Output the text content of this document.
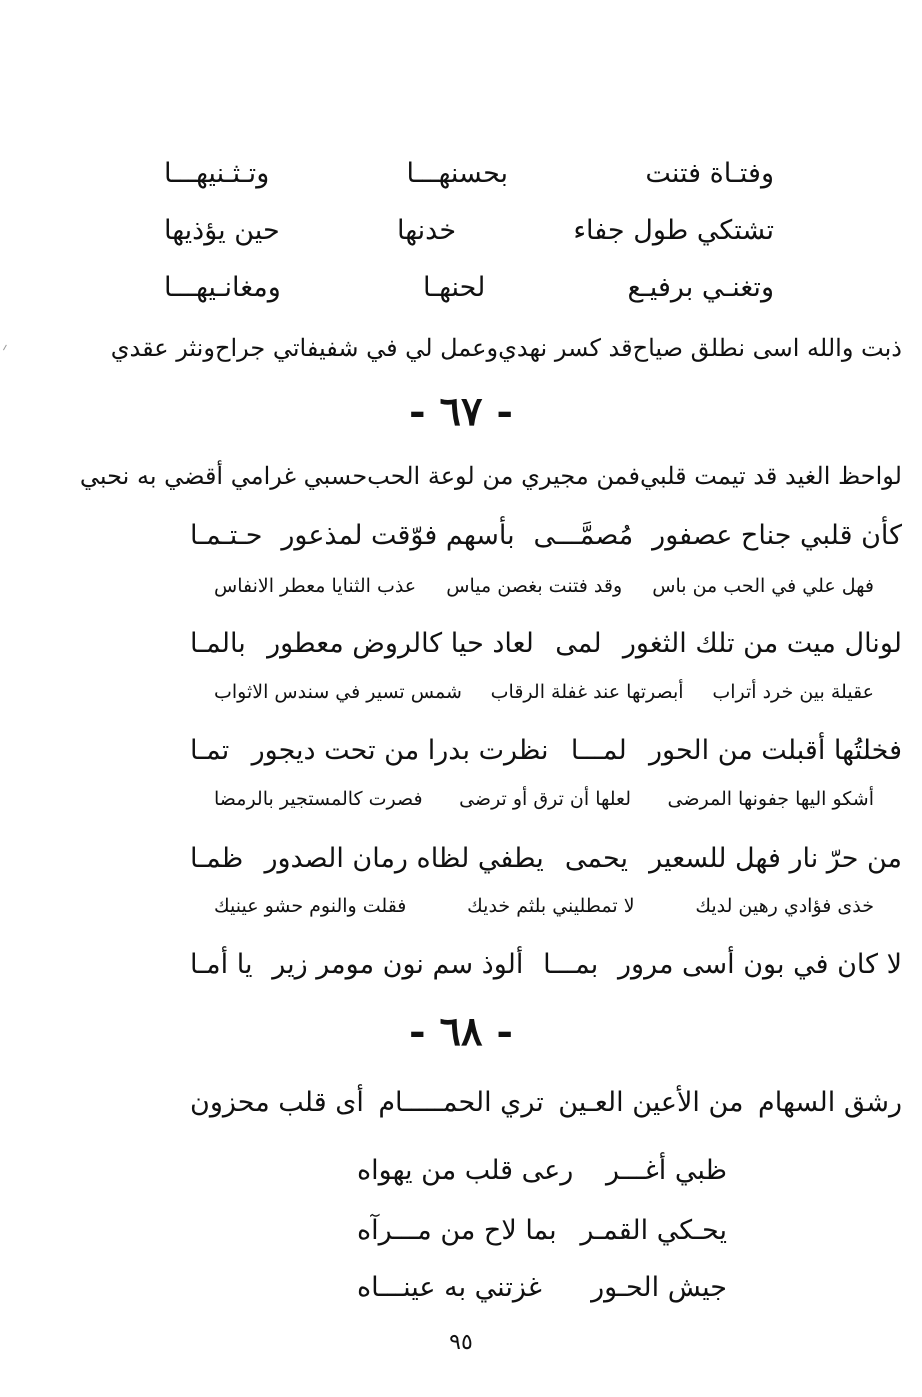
وفتـاة فتنت
بحسنهـــا
وتـثـنيهـــا
تشتكي طول جفاء
خدنها
حين يؤذيها
وتغنـي برفيـع
لحنهـا
ومغانـيهـــا
ذبت والله اسى نطلق صياح
قد كسر نهدي
وعمل لي في شفيفاتي جراح
ونثر عقدي
- ٦٧ -
لواحظ الغيد قد تيمت قلبي
فمن مجيري من لوعة الحب
حسبي غرامي أقضي به نحبي
كأن قلبي جناح عصفور
مُصمَّـــى
بأسهم فوّقت لمذعور
حـتـمـا
فهل علي في الحب من باس
وقد فتنت بغصن مياس
عذب الثنايا معطر الانفاس
لونال ميت من تلك الثغور
لمى
لعاد حيا كالروض معطور
بالمـا
عقيلة بين خرد أتراب
أبصرتها عند غفلة الرقاب
شمس تسير في سندس الاثواب
فخلتُها أقبلت من الحور
لمـــا
نظرت بدرا من تحت ديجور
تمـا
أشكو اليها جفونها المرضى
لعلها أن ترق أو ترضى
فصرت كالمستجير بالرمضا
من حرّ نار فهل للسعير
يحمى
يطفي لظاه رمان الصدور
ظمـا
خذى فؤادي رهين لديك
لا تمطليني بلثم خديك
فقلت والنوم حشو عينيك
لا كان في بون أسى مرور
بمـــا
ألوذ سم نون مومر زير
يا أمـا
- ٦٨ -
رشق السهام
من الأعين العـين
تري الحمـــــام
أى قلب محزون
ظبي أغـــر
رعى قلب من يهواه
يحـكي القمـر
بما لاح من مـــرآه
جيش الحـور
غزتني به عينـــاه
٩٥
